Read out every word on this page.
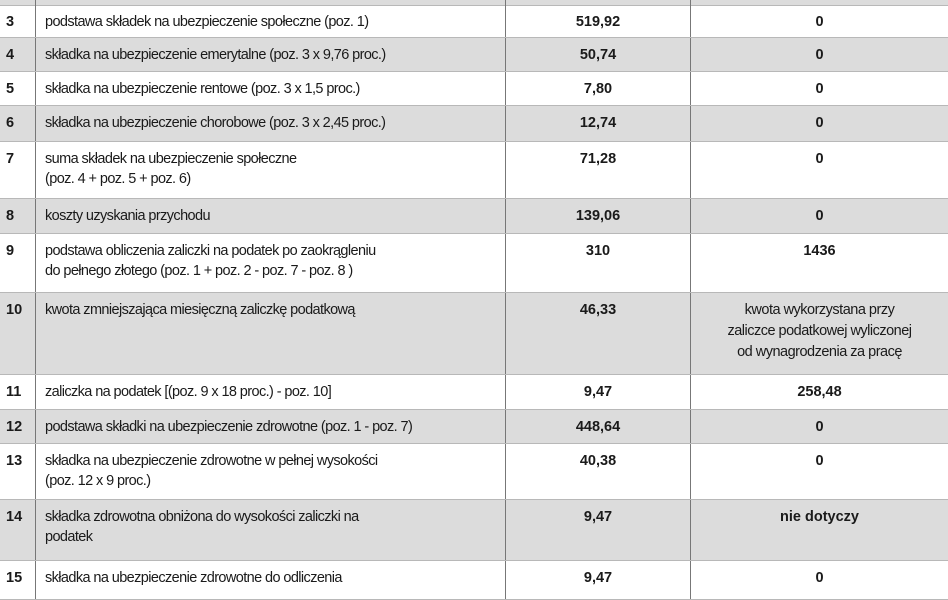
3	podstawa składek na ubezpieczenie społeczne (poz. 1)	519,92	0
4	składka na ubezpieczenie emerytalne (poz. 3 x 9,76 proc.)	50,74	0
5	składka na ubezpieczenie rentowe (poz. 3 x 1,5 proc.)	7,80	0
6	składka na ubezpieczenie chorobowe (poz. 3 x 2,45 proc.)	12,74	0
7	suma składek na ubezpieczenie społeczne
(poz. 4 + poz. 5 + poz. 6)
71,28	0
8	koszty uzyskania przychodu	139,06	0
9	podstawa obliczenia zaliczki na podatek po zaokrągleniu
do pełnego złotego (poz. 1 + poz. 2 - poz. 7 - poz. 8 )
310	1436
10	kwota zmniejszająca miesięczną zaliczkę podatkową	46,33	kwota wykorzystana przy
zaliczce podatkowej wyliczonej
od wynagrodzenia za pracę
11	zaliczka na podatek [(poz. 9 x 18 proc.) - poz. 10]	9,47	258,48
12	podstawa składki na ubezpieczenie zdrowotne (poz. 1 - poz. 7)	448,64	0
13	składka na ubezpieczenie zdrowotne w pełnej wysokości
(poz. 12 x 9 proc.)
40,38	0
14	składka zdrowotna obniżona do wysokości zaliczki na
podatek
9,47	nie dotyczy
15	składka na ubezpieczenie zdrowotne do odliczenia	9,47	0
